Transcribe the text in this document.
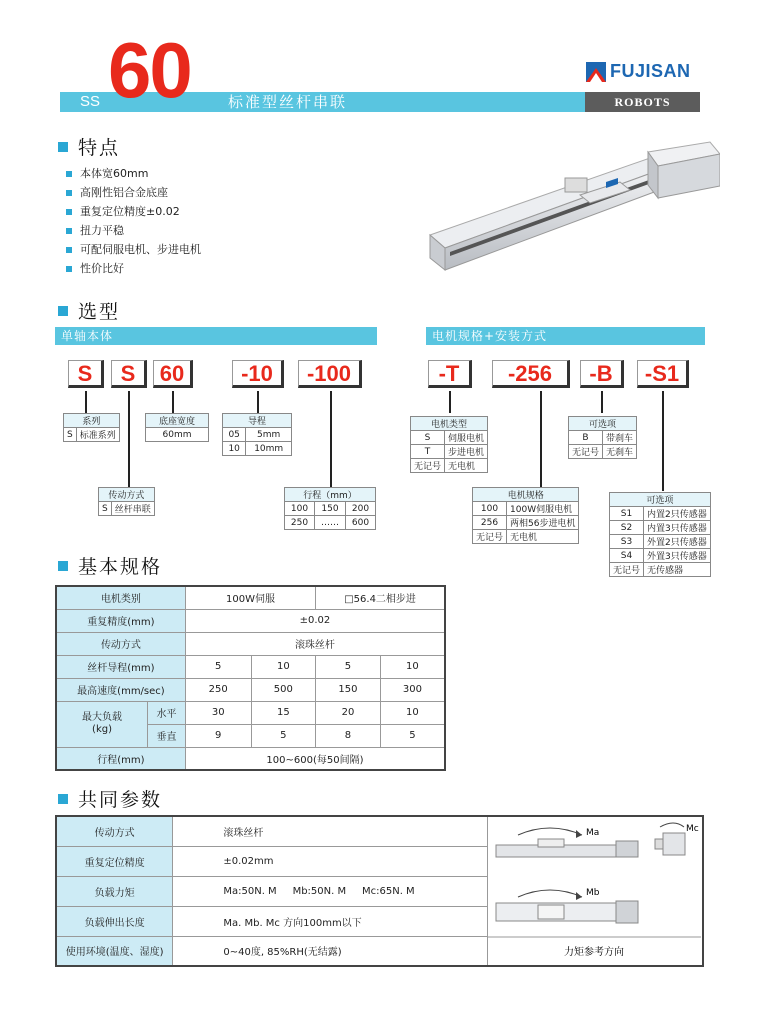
SS 60 标准型丝杆串联
FUJISAN
ROBOTS
特点
本体宽60mm
高刚性铝合金底座
重复定位精度±0.02
扭力平稳
可配伺服电机、步进电机
性价比好
选型
单轴本体	电机规格+安装方式
S	S	60	-10	-100	-T	-256	-B	-S1
系列
S	标准系列
底座宽度
60mm
导程	
05	5mm
10	10mm
传动方式
S	丝杆串联
行程（mm）		
100	150	200
250	……	600
电机类型	
S	伺服电机
T	步进电机
无记号	无电机
电机规格	
100	100W伺服电机
256	两相56步进电机
无记号	无电机
可选项	
B	带刹车
无记号	无刹车
可选项	
S1	内置2只传感器
S2	内置3只传感器
S3	外置2只传感器
S4	外置3只传感器
无记号	无传感器
基本规格
电机类别		100W伺服		□56.4二相步进	
重复精度(mm)		±0.02			
传动方式		滚珠丝杆			
丝杆导程(mm)		5	10	5	10
最高速度(mm/sec)		250	500	150	300
最大负载
(kg)	水平	30	15	20	10
	垂直	9	5	8	5
行程(mm)		100~600(每50间隔)			
共同参数
传动方式	滚珠丝杆	Ma Mc
Mb
力矩参考方向

重复定位精度	±0.02mm	
负载力矩	Ma:50N. M     Mb:50N. M     Mc:65N. M	
负载伸出长度	Ma. Mb. Mc 方向100mm以下	
使用环境(温度、湿度)	0~40度, 85%RH(无结露)	
